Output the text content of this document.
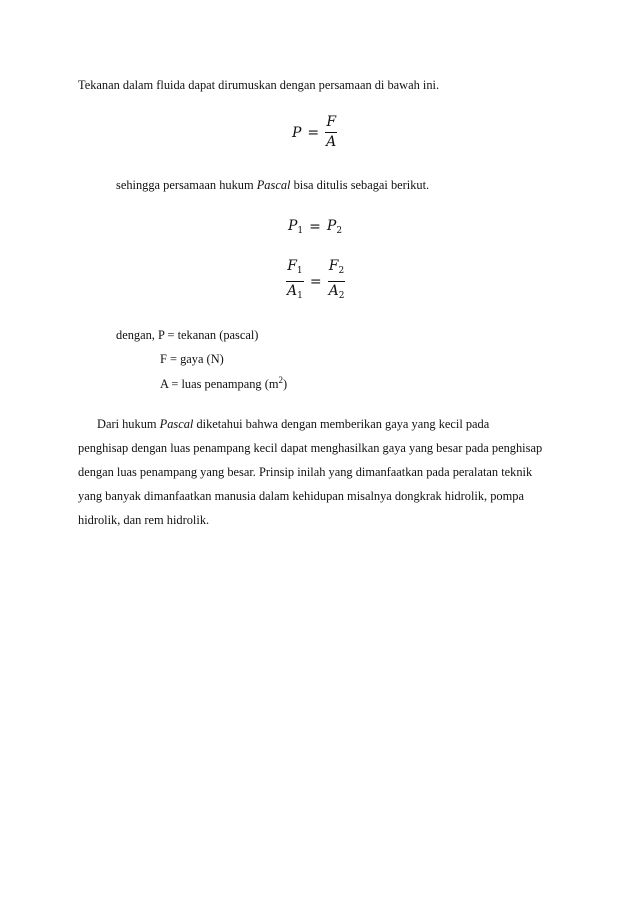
Tekanan dalam fluida dapat dirumuskan dengan persamaan di bawah ini.
$P = \frac{F}{A}$
sehingga persamaan hukum Pascal bisa ditulis sebagai berikut.
$P_1 = P_2$
$\frac{F_1}{A_1} = \frac{F_2}{A_2}$
dengan, P = tekanan (pascal)
F = gaya (N)
A = luas penampang $(m^2)$
Dari hukum Pascal diketahui bahwa dengan memberikan gaya yang kecil pada
penghisap dengan luas penampang kecil dapat menghasilkan gaya yang besar pada penghisap
dengan luas penampang yang besar. Prinsip inilah yang dimanfaatkan pada peralatan teknik
yang banyak dimanfaatkan manusia dalam kehidupan misalnya dongkrak hidrolik, pompa
hidrolik, dan rem hidrolik.
